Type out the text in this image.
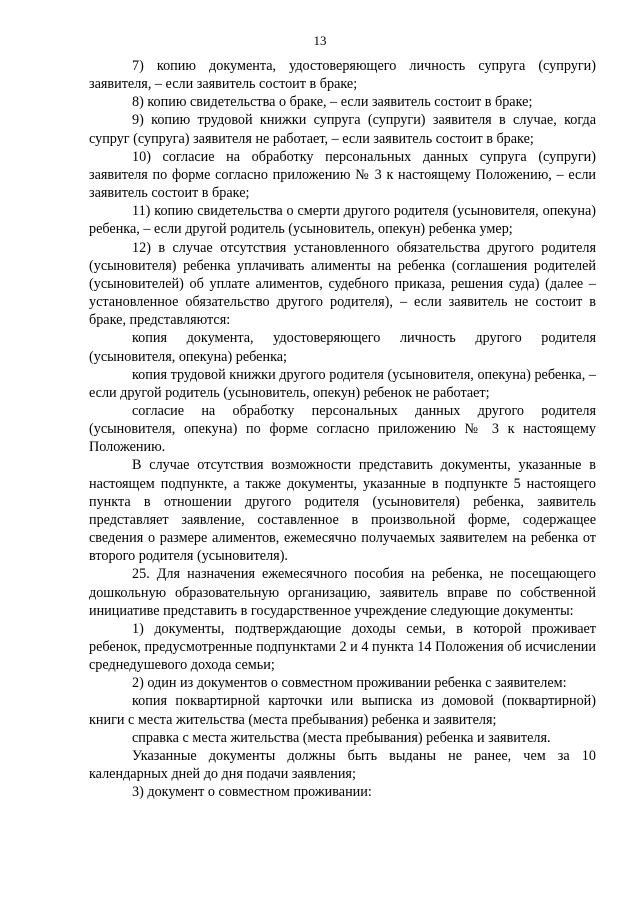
13

7) копию документа, удостоверяющего личность супруга (супруги) заявителя, – если заявитель состоит в браке;

8) копию свидетельства о браке, – если заявитель состоит в браке;

9) копию трудовой книжки супруга (супруги) заявителя в случае, когда супруг (супруга) заявителя не работает, – если заявитель состоит в браке;

10) согласие на обработку персональных данных супруга (супруги) заявителя по форме согласно приложению № 3 к настоящему Положению, – если заявитель состоит в браке;

11) копию свидетельства о смерти другого родителя (усыновителя, опекуна) ребенка, – если другой родитель (усыновитель, опекун) ребенка умер;

12) в случае отсутствия установленного обязательства другого родителя (усыновителя) ребенка уплачивать алименты на ребенка (соглашения родителей (усыновителей) об уплате алиментов, судебного приказа, решения суда) (далее – установленное обязательство другого родителя), – если заявитель не состоит в браке, представляются:

копия документа, удостоверяющего личность другого родителя (усыновителя, опекуна) ребенка;

копия трудовой книжки другого родителя (усыновителя, опекуна) ребенка, – если другой родитель (усыновитель, опекун) ребенок не работает;

согласие на обработку персональных данных другого родителя (усыновителя, опекуна) по форме согласно приложению № 3 к настоящему Положению.

В случае отсутствия возможности представить документы, указанные в настоящем подпункте, а также документы, указанные в подпункте 5 настоящего пункта в отношении другого родителя (усыновителя) ребенка, заявитель представляет заявление, составленное в произвольной форме, содержащее сведения о размере алиментов, ежемесячно получаемых заявителем на ребенка от второго родителя (усыновителя).

25. Для назначения ежемесячного пособия на ребенка, не посещающего дошкольную образовательную организацию, заявитель вправе по собственной инициативе представить в государственное учреждение следующие документы:

1) документы, подтверждающие доходы семьи, в которой проживает ребенок, предусмотренные подпунктами 2 и 4 пункта 14 Положения об исчислении среднедушевого дохода семьи;

2) один из документов о совместном проживании ребенка с заявителем:

копия поквартирной карточки или выписка из домовой (поквартирной) книги с места жительства (места пребывания) ребенка и заявителя;

справка с места жительства (места пребывания) ребенка и заявителя.

Указанные документы должны быть выданы не ранее, чем за 10 календарных дней до дня подачи заявления;

3) документ о совместном проживании:
